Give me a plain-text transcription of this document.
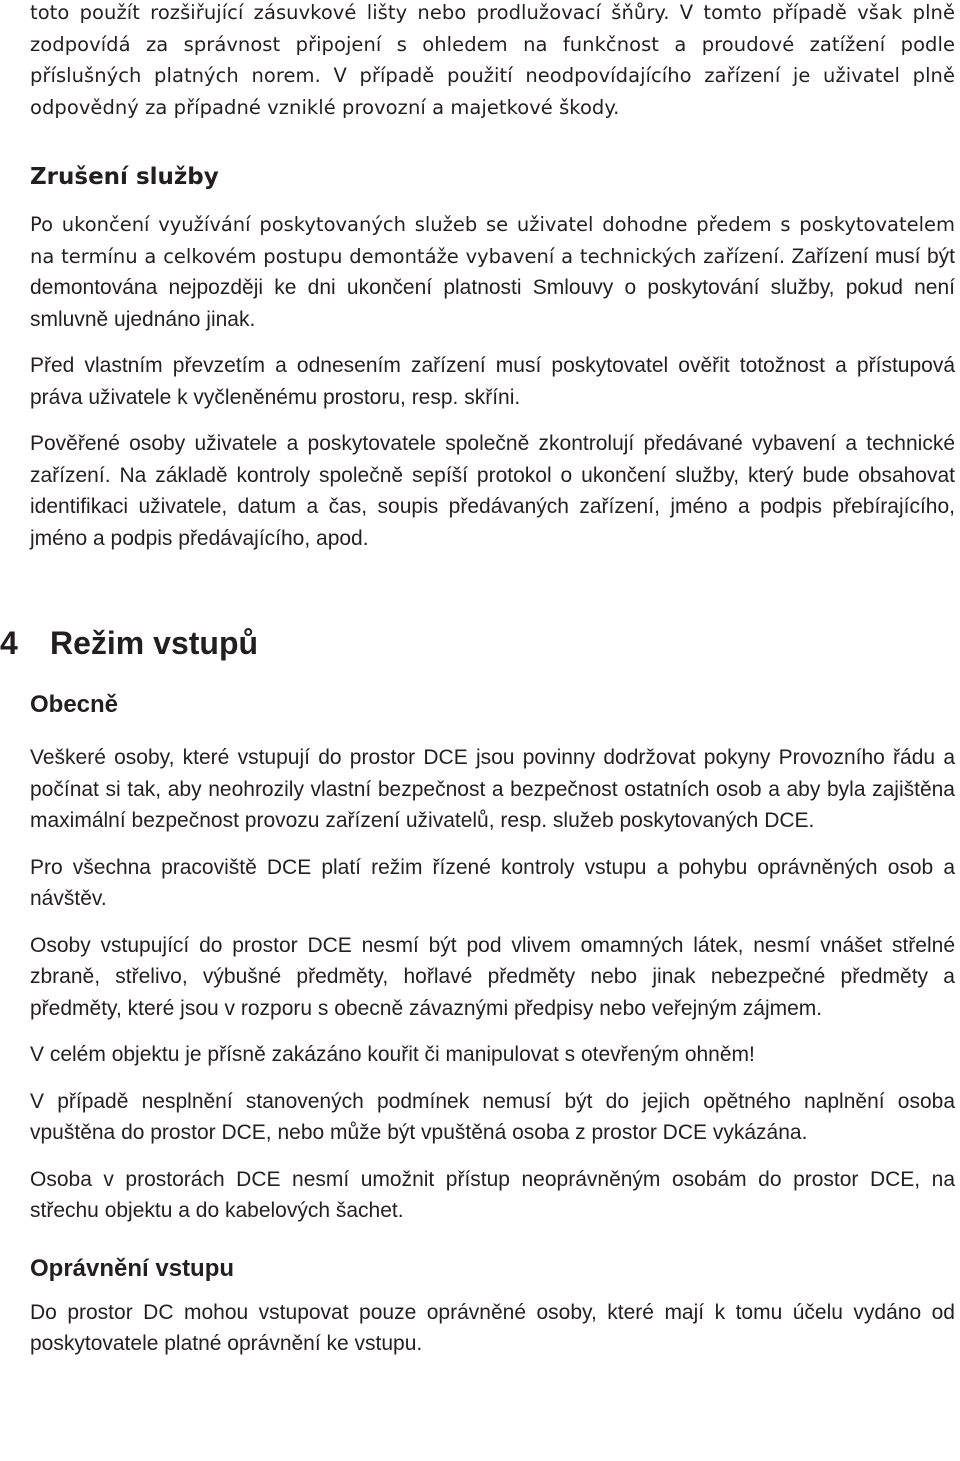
toto použít rozšiřující zásuvkové lišty nebo prodlužovací šňůry. V tomto případě však plně zodpovídá za správnost připojení s ohledem na funkčnost a proudové zatížení podle příslušných platných norem. V případě použití neodpovídajícího zařízení je uživatel plně odpovědný za případné vzniklé provozní a majetkové škody.

Zrušení služby

Po ukončení využívání poskytovaných služeb se uživatel dohodne předem s poskytovatelem na termínu a celkovém postupu demontáže vybavení a technických zařízení. Zařízení musí být demontována nejpozději ke dni ukončení platnosti Smlouvy o poskytování služby, pokud není smluvně ujednáno jinak.

Před vlastním převzetím a odnesením zařízení musí poskytovatel ověřit totožnost a přístupová práva uživatele k vyčleněnému prostoru, resp. skříni.

Pověřené osoby uživatele a poskytovatele společně zkontrolují předávané vybavení a technické zařízení. Na základě kontroly společně sepíší protokol o ukončení služby, který bude obsahovat identifikaci uživatele, datum a čas, soupis předávaných zařízení, jméno a podpis přebírajícího, jméno a podpis předávajícího, apod.

4	Režim vstupů
Obecně

Veškeré osoby, které vstupují do prostor DCE jsou povinny dodržovat pokyny Provozního řádu a počínat si tak, aby neohrozily vlastní bezpečnost a bezpečnost ostatních osob a aby byla zajištěna maximální bezpečnost provozu zařízení uživatelů, resp. služeb poskytovaných DCE.

Pro všechna pracoviště DCE platí režim řízené kontroly vstupu a pohybu oprávněných osob a návštěv.

Osoby vstupující do prostor DCE nesmí být pod vlivem omamných látek, nesmí vnášet střelné zbraně, střelivo, výbušné předměty, hořlavé předměty nebo jinak nebezpečné předměty a předměty, které jsou v rozporu s obecně závaznými předpisy nebo veřejným zájmem.

V celém objektu je přísně zakázáno kouřit či manipulovat s otevřeným ohněm!

V případě nesplnění stanovených podmínek nemusí být do jejich opětného naplnění osoba vpuštěna do prostor DCE, nebo může být vpuštěná osoba z prostor DCE vykázána.

Osoba v prostorách DCE nesmí umožnit přístup neoprávněným osobám do prostor DCE, na střechu objektu a do kabelových šachet.

Oprávnění vstupu

Do prostor DC mohou vstupovat pouze oprávněné osoby, které mají k tomu účelu vydáno od poskytovatele platné oprávnění ke vstupu.
